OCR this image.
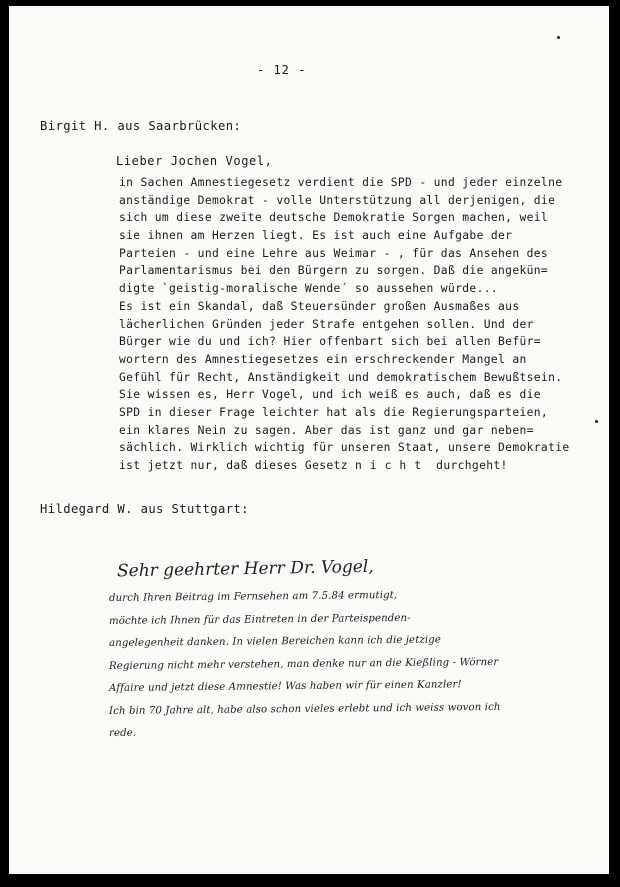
- 12 -
Birgit H. aus Saarbrücken:
Lieber Jochen Vogel,
in Sachen Amnestiegesetz verdient die SPD - und jeder einzelne
anständige Demokrat - volle Unterstützung all derjenigen, die
sich um diese zweite deutsche Demokratie Sorgen machen, weil
sie ihnen am Herzen liegt. Es ist auch eine Aufgabe der
Parteien - und eine Lehre aus Weimar - , für das Ansehen des
Parlamentarismus bei den Bürgern zu sorgen. Daß die angekün=
digte `geistig-moralische Wende´ so aussehen würde...
Es ist ein Skandal, daß Steuersünder großen Ausmaßes aus
lächerlichen Gründen jeder Strafe entgehen sollen. Und der
Bürger wie du und ich? Hier offenbart sich bei allen Befür=
wortern des Amnestiegesetzes ein erschreckender Mangel an
Gefühl für Recht, Anständigkeit und demokratischem Bewußtsein.
Sie wissen es, Herr Vogel, und ich weiß es auch, daß es die
SPD in dieser Frage leichter hat als die Regierungsparteien,
ein klares Nein zu sagen. Aber das ist ganz und gar neben=
sächlich. Wirklich wichtig für unseren Staat, unsere Demokratie
ist jetzt nur, daß dieses Gesetz nicht durchgeht!
Hildegard W. aus Stuttgart:
Sehr geehrter Herr Dr. Vogel,
durch Ihren Beitrag im Fernsehen am 7.5.84 ermutigt,
möchte ich Ihnen für das Eintreten in der Parteispenden-
angelegenheit danken. In vielen Bereichen kann ich die jetzige
Regierung nicht mehr verstehen, man denke nur an die Kießling - Wörner
Affaire und jetzt diese Amnestie! Was haben wir für einen Kanzler!
Ich bin 70 Jahre alt, habe also schon vieles erlebt und ich weiss wovon ich
rede.
